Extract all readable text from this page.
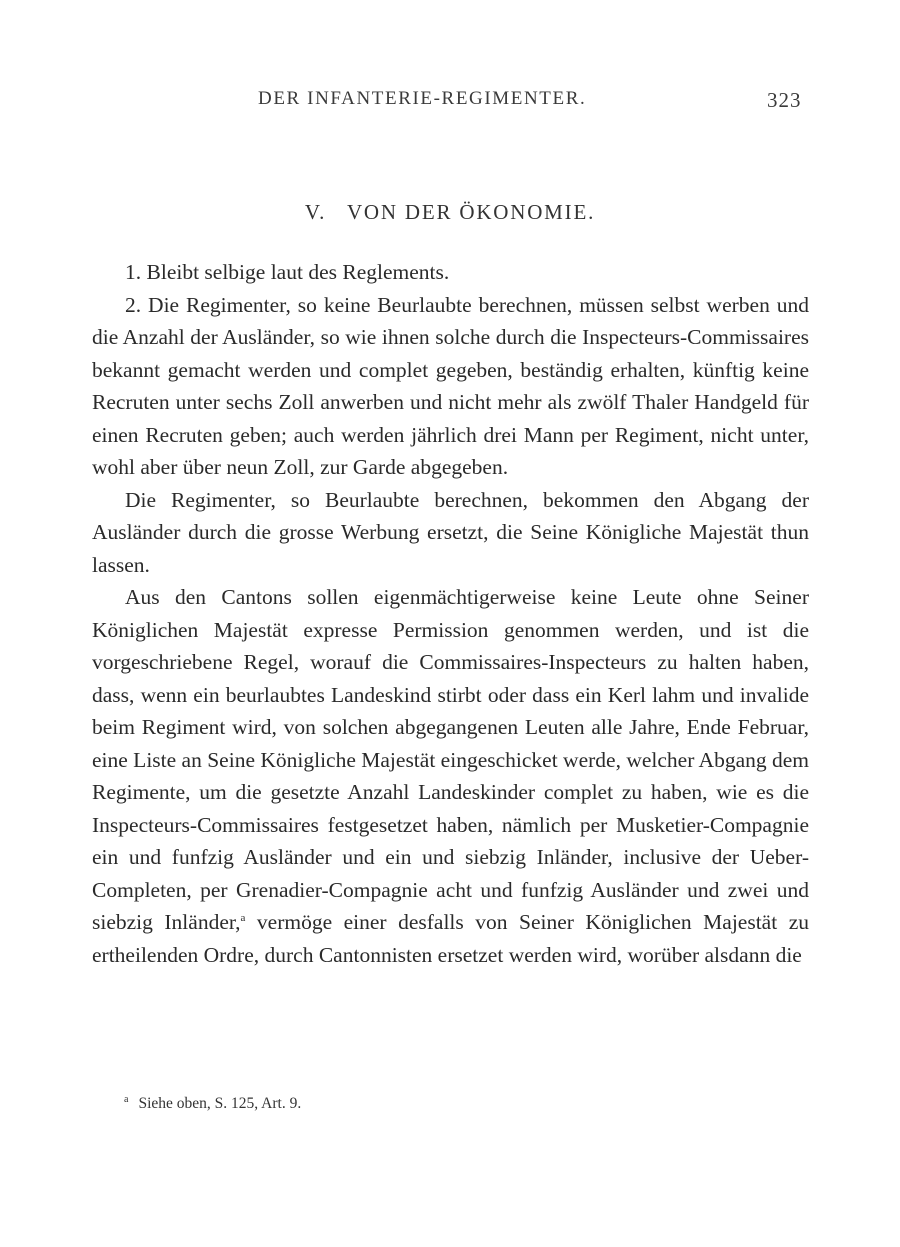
DER INFANTERIE-REGIMENTER.	323
V.   VON DER ÖKONOMIE.

1. Bleibt selbige laut des Reglements.

2. Die Regimenter, so keine Beurlaubte berechnen, müssen selbst werben und die Anzahl der Ausländer, so wie ihnen solche durch die Inspecteurs-Commissaires bekannt gemacht werden und complet gegeben, beständig erhalten, künftig keine Recruten unter sechs Zoll anwerben und nicht mehr als zwölf Thaler Handgeld für einen Recruten geben; auch werden jährlich drei Mann per Regiment, nicht unter, wohl aber über neun Zoll, zur Garde abgegeben.

Die Regimenter, so Beurlaubte berechnen, bekommen den Abgang der Ausländer durch die grosse Werbung ersetzt, die Seine Königliche Majestät thun lassen.

Aus den Cantons sollen eigenmächtigerweise keine Leute ohne Seiner Königlichen Majestät expresse Permission genommen werden, und ist die vorgeschriebene Regel, worauf die Commissaires-Inspecteurs zu halten haben, dass, wenn ein beurlaubtes Landeskind stirbt oder dass ein Kerl lahm und invalide beim Regiment wird, von solchen abgegangenen Leuten alle Jahre, Ende Februar, eine Liste an Seine Königliche Majestät eingeschicket werde, welcher Abgang dem Regimente, um die gesetzte Anzahl Landeskinder complet zu haben, wie es die Inspecteurs-Commissaires festgesetzet haben, nämlich per Musketier-Compagnie ein und funfzig Ausländer und ein und siebzig Inländer, inclusive der Ueber-Completen, per Grenadier-Compagnie acht und funfzig Ausländer und zwei und siebzig Inländer,$^a$ vermöge einer desfalls von Seiner Königlichen Majestät zu ertheilenden Ordre, durch Cantonnisten ersetzet werden wird, worüber alsdann die

$^a$ Siehe oben, S. 125, Art. 9.
